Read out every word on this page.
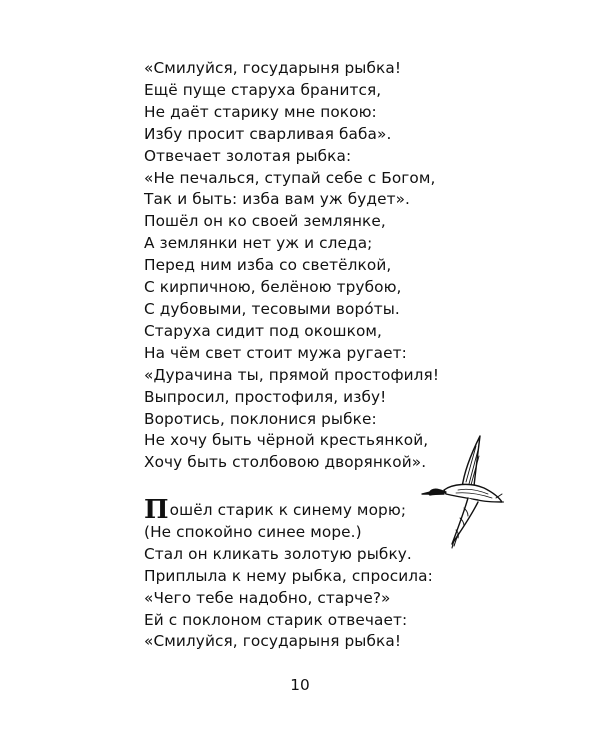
«Смилуйся, государыня рыбка!
Ещё пуще старуха бранится,
Не даёт старику мне покою:
Избу просит сварливая баба».
Отвечает золотая рыбка:
«Не печалься, ступай себе с Богом,
Так и быть: изба вам уж будет».
Пошёл он ко своей землянке,
А землянки нет уж и следа;
Перед ним изба со светёлкой,
С кирпичною, белёною трубою,
С дубовыми, тесовыми ворóты.
Старуха сидит под окошком,
На чём свет стоит мужа ругает:
«Дурачина ты, прямой простофиля!
Выпросил, простофиля, избу!
Воротись, поклонися рыбке:
Не хочу быть чёрной крестьянкой,
Хочу быть столбовою дворянкой».
Пошёл старик к синему морю;
(Не спокойно синее море.)
Стал он кликать золотую рыбку.
Приплыла к нему рыбка, спросила:
«Чего тебе надобно, старче?»
Ей с поклоном старик отвечает:
«Смилуйся, государыня рыбка!
10
